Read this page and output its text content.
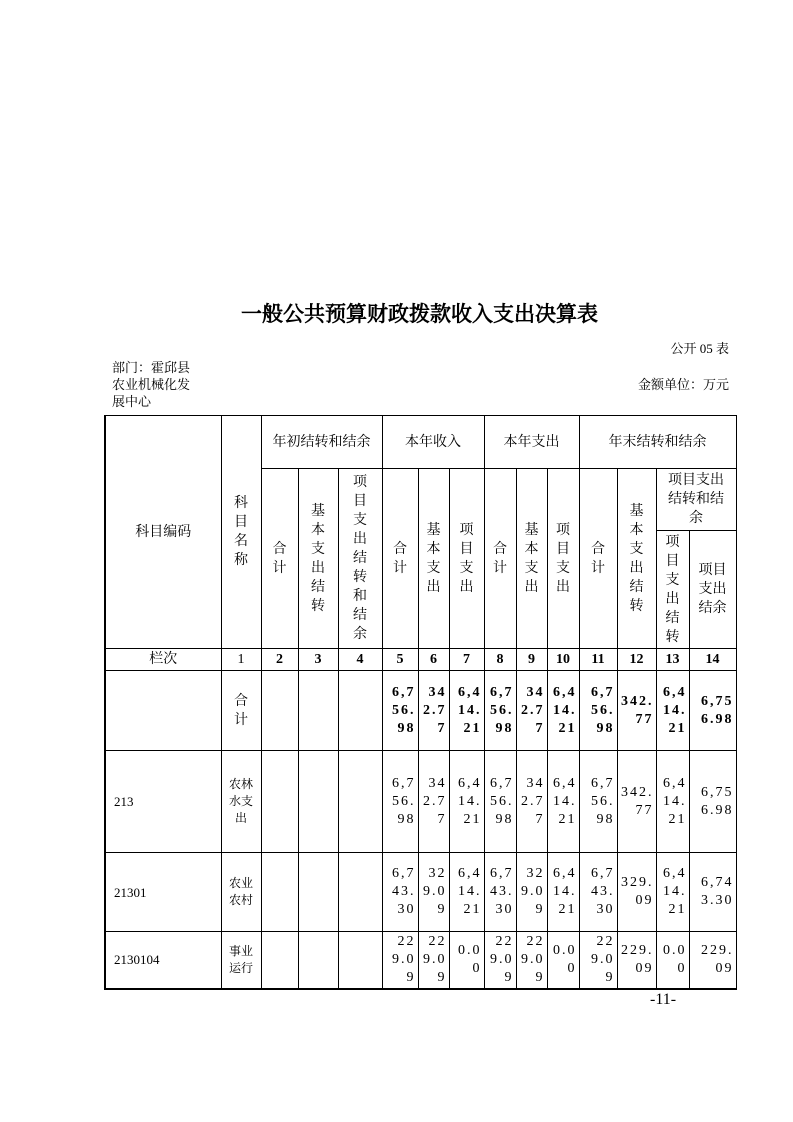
一般公共预算财政拨款收入支出决算表
公开 05 表
部门：霍邱县农业机械化发展中心
金额单位：万元
科目编码	科目名称	年初结转和结余			本年收入			本年支出			年末结转和结余			
		合计	基本支出结转	项目支出结转和结余	合计	基本支出	项目支出	合计	基本支出	项目支出	合计	基本支出结转	项目支出结转和结余	
													项目支出结转	项目支出结余
栏次	1	2	3	4	5	6	7	8	9	10	11	12	13	14
	合计				6,756.98	342.77	6,414.21	6,756.98	342.77	6,414.21	6,756.98	342.77	6,414.21	6,756.98
213	农林水支出				6,756.98	342.77	6,414.21	6,756.98	342.77	6,414.21	6,756.98	342.77	6,414.21	6,756.98
21301	农业农村				6,743.30	329.09	6,414.21	6,743.30	329.09	6,414.21	6,743.30	329.09	6,414.21	6,743.30
2130104	事业运行				229.09	229.09	0.00	229.09	229.09	0.00	229.09	229.09	0.00	229.09
-11-
